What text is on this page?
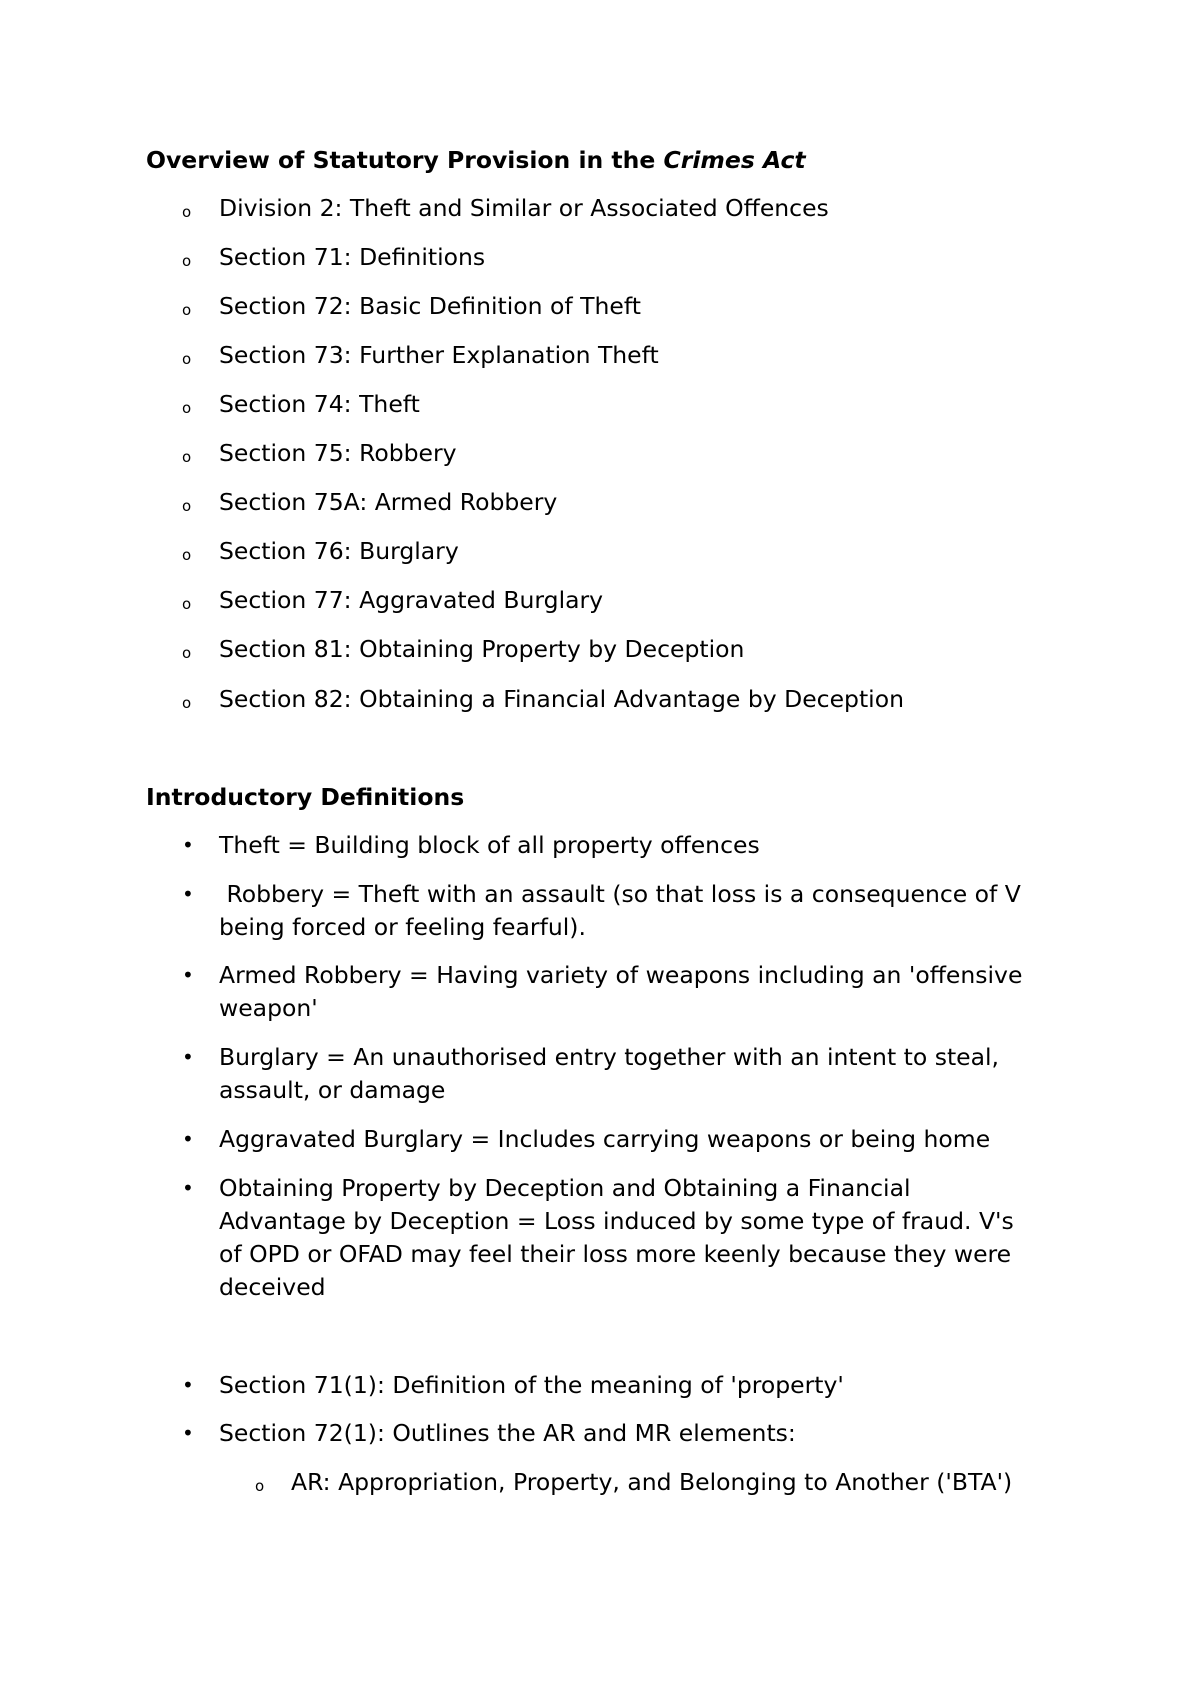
Overview of Statutory Provision in the Crimes Act
o Division 2: Theft and Similar or Associated Offences
o Section 71: Definitions
o Section 72: Basic Definition of Theft
o Section 73: Further Explanation Theft
o Section 74: Theft
o Section 75: Robbery
o Section 75A: Armed Robbery
o Section 76: Burglary
o Section 77: Aggravated Burglary
o Section 81: Obtaining Property by Deception
o Section 82: Obtaining a Financial Advantage by Deception
Introductory Definitions
• Theft = Building block of all property offences
• Robbery = Theft with an assault (so that loss is a consequence of V
being forced or feeling fearful).
• Armed Robbery = Having variety of weapons including an 'offensive
weapon'
• Burglary = An unauthorised entry together with an intent to steal,
assault, or damage
• Aggravated Burglary = Includes carrying weapons or being home
• Obtaining Property by Deception and Obtaining a Financial
Advantage by Deception = Loss induced by some type of fraud. V's
of OPD or OFAD may feel their loss more keenly because they were
deceived
• Section 71(1): Definition of the meaning of 'property'
• Section 72(1): Outlines the AR and MR elements:
o AR: Appropriation, Property, and Belonging to Another ('BTA')
